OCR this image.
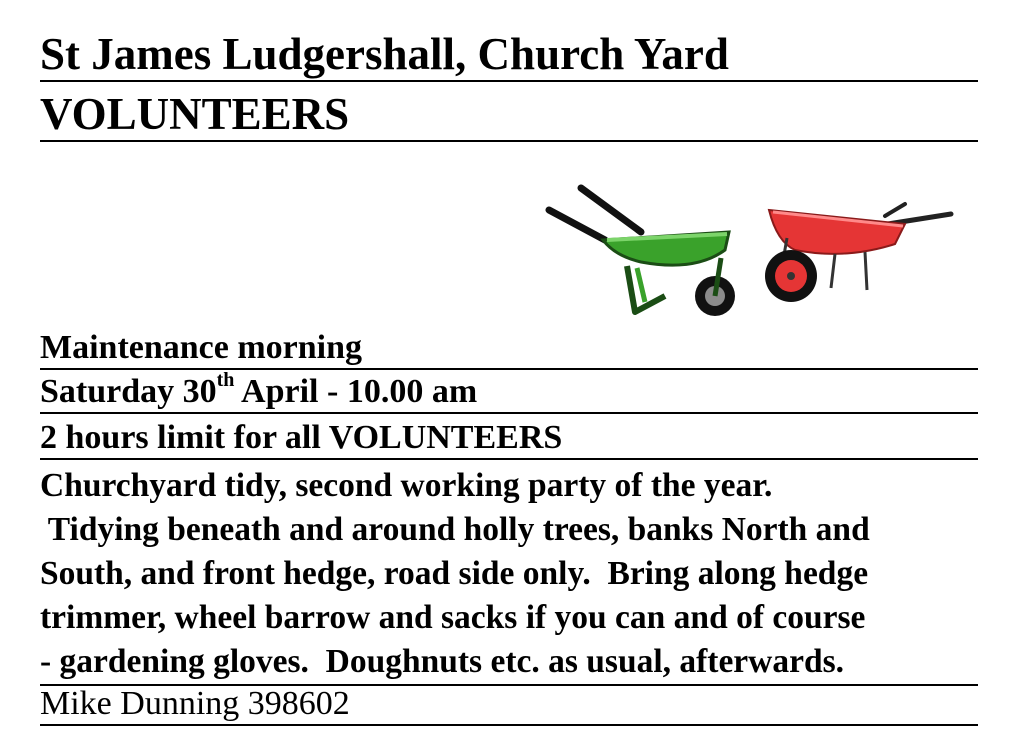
St James Ludgershall, Church Yard
VOLUNTEERS
Maintenance morning
Saturday 30th April - 10.00 am
2 hours limit for all VOLUNTEERS
Churchyard tidy, second working party of the year.
Tidying beneath and around holly trees, banks North and
South, and front hedge, road side only.  Bring along hedge
trimmer, wheel barrow and sacks if you can and of course
- gardening gloves.  Doughnuts etc. as usual, afterwards.
Mike Dunning 398602
